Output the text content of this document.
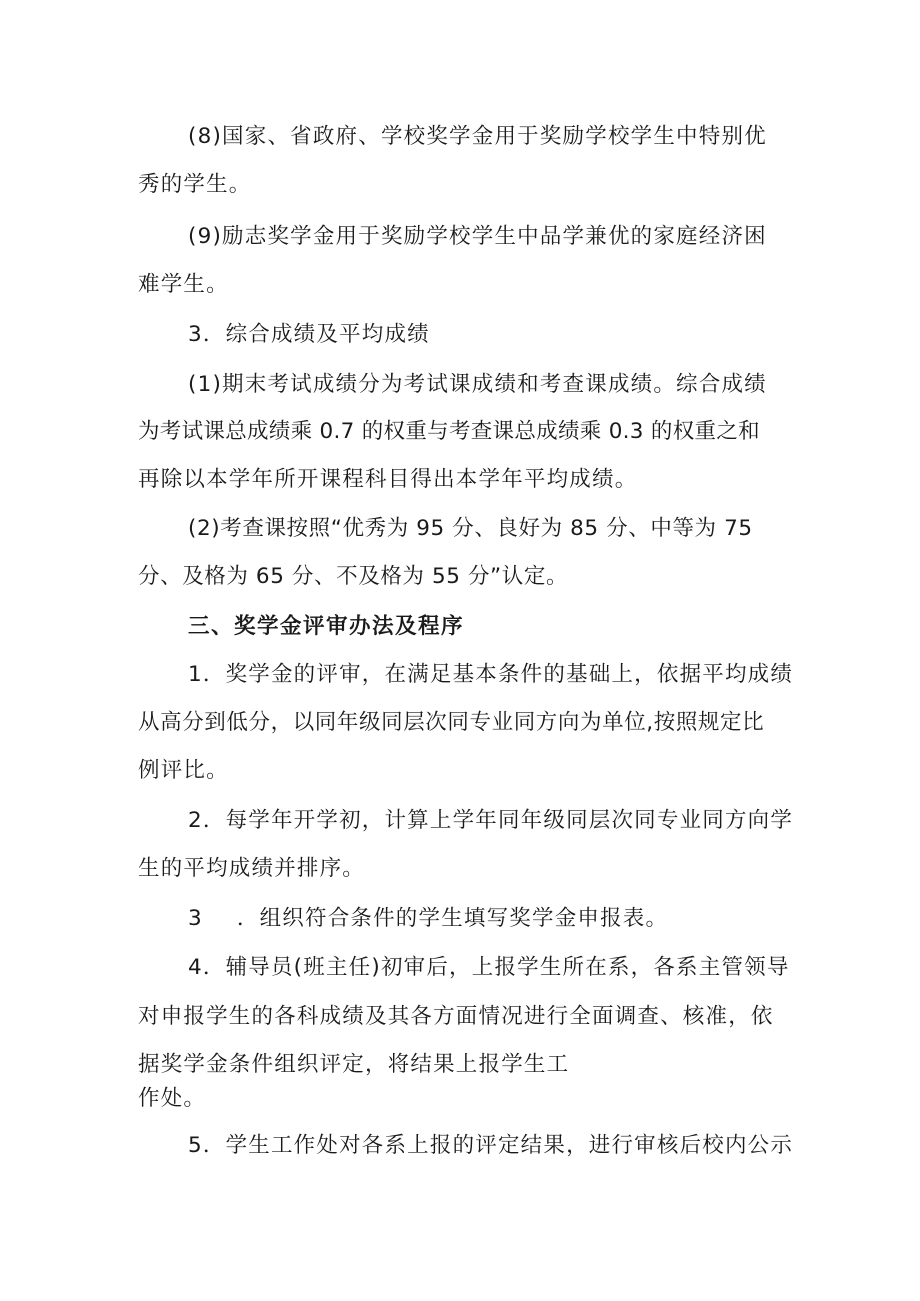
(8)国家、省政府、学校奖学金用于奖励学校学生中特别优
秀的学生。
(9)励志奖学金用于奖励学校学生中品学兼优的家庭经济困
难学生。
3．综合成绩及平均成绩
(1)期末考试成绩分为考试课成绩和考查课成绩。综合成绩
为考试课总成绩乘 0.7 的权重与考查课总成绩乘 0.3 的权重之和
再除以本学年所开课程科目得出本学年平均成绩。
(2)考查课按照“优秀为 95 分、良好为 85 分、中等为 75
分、及格为 65 分、不及格为 55 分”认定。
三、奖学金评审办法及程序
1．奖学金的评审，在满足基本条件的基础上，依据平均成绩
从高分到低分，以同年级同层次同专业同方向为单位,按照规定比
例评比。
2．每学年开学初，计算上学年同年级同层次同专业同方向学
生的平均成绩并排序。
3 ．组织符合条件的学生填写奖学金申报表。
4．辅导员(班主任)初审后，上报学生所在系，各系主管领导
对申报学生的各科成绩及其各方面情况进行全面调查、核准，依
据奖学金条件组织评定，将结果上报学生工
作处。
5．学生工作处对各系上报的评定结果，进行审核后校内公示
